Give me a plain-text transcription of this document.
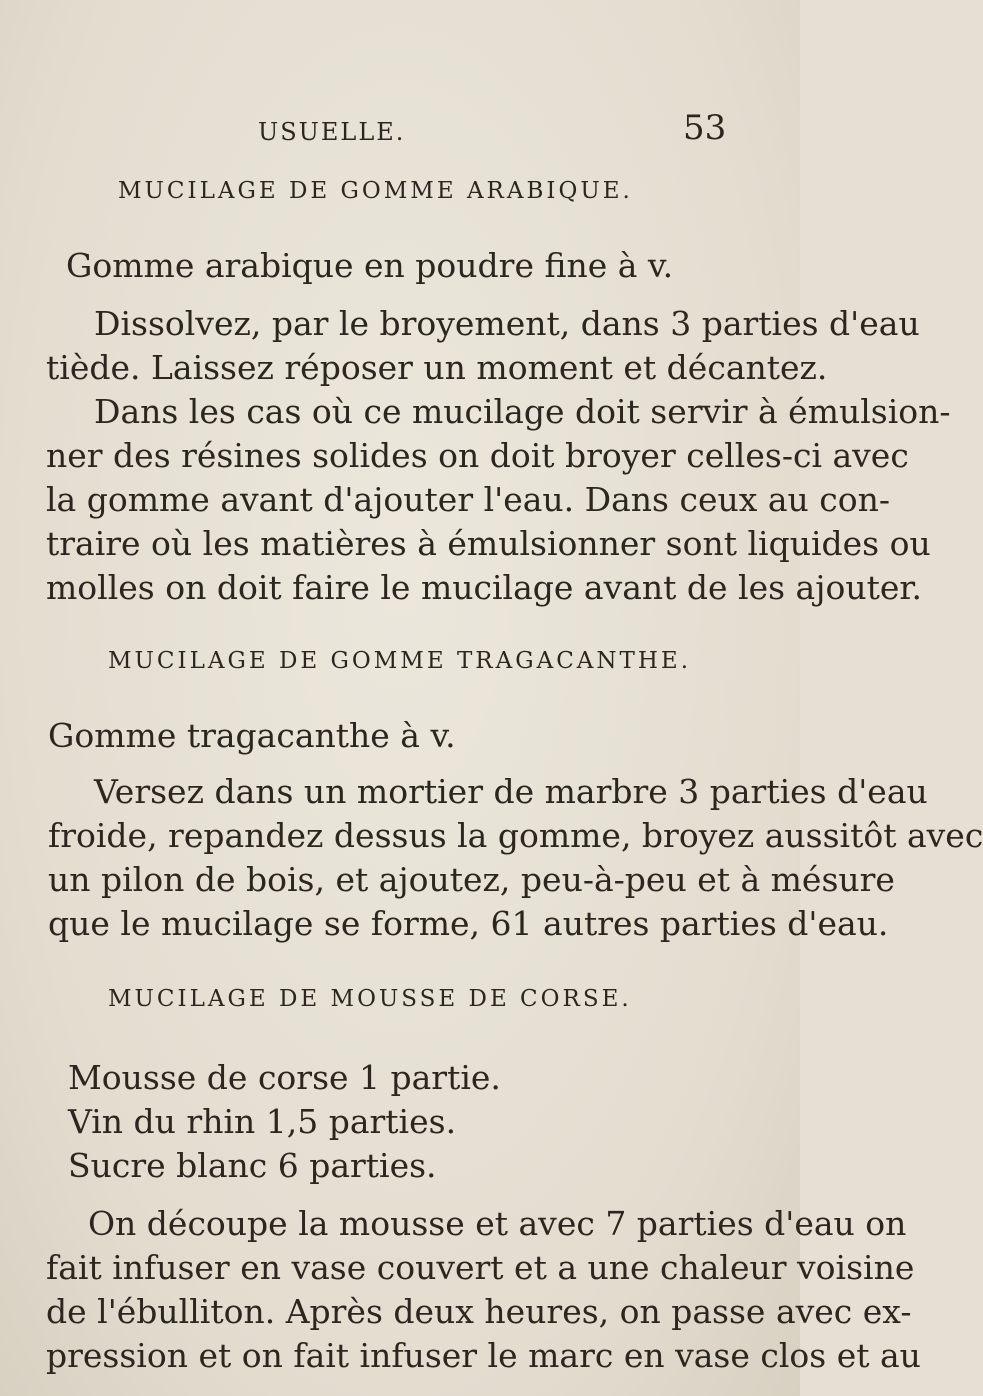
USUELLE.	53
MUCILAGE DE GOMME ARABIQUE.
Gomme arabique en poudre fine à v.
Dissolvez, par le broyement, dans 3 parties d'eau
tiède. Laissez réposer un moment et décantez.
Dans les cas où ce mucilage doit servir à émulsion-
ner des résines solides on doit broyer celles-ci avec
la gomme avant d'ajouter l'eau. Dans ceux au con-
traire où les matières à émulsionner sont liquides ou
molles on doit faire le mucilage avant de les ajouter.
MUCILAGE DE GOMME TRAGACANTHE.
Gomme tragacanthe à v.
Versez dans un mortier de marbre 3 parties d'eau
froide, repandez dessus la gomme, broyez aussitôt avec
un pilon de bois, et ajoutez, peu-à-peu et à mésure
que le mucilage se forme, 61 autres parties d'eau.
MUCILAGE DE MOUSSE DE CORSE.
Mousse de corse 1 partie.
Vin du rhin 1,5 parties.
Sucre blanc 6 parties.
On découpe la mousse et avec 7 parties d'eau on
fait infuser en vase couvert et a une chaleur voisine
de l'ébulliton. Après deux heures, on passe avec ex-
pression et on fait infuser le marc en vase clos et au
